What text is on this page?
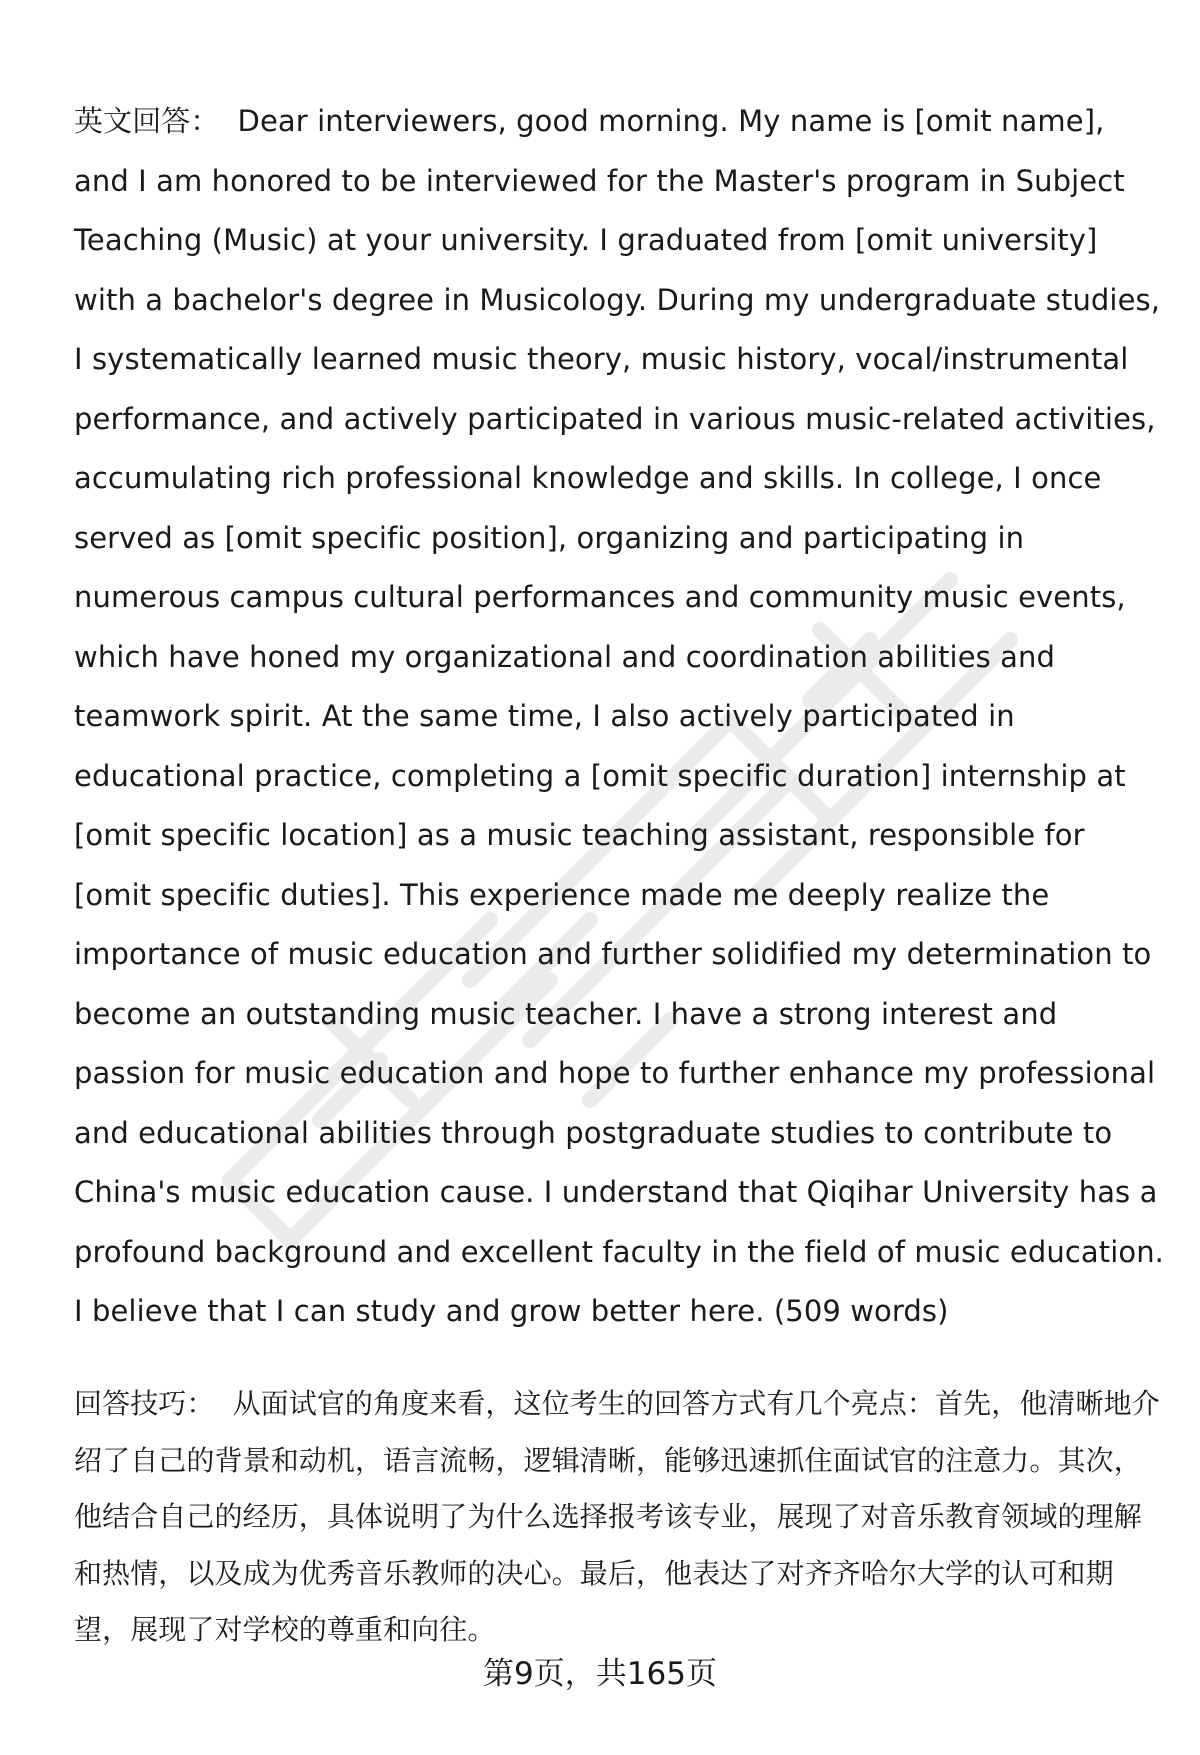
英文回答： Dear interviewers, good morning. My name is [omit name], and I am honored to be interviewed for the Master's program in Subject Teaching (Music) at your university. I graduated from [omit university] with a bachelor's degree in Musicology. During my undergraduate studies, I systematically learned music theory, music history, vocal/instrumental performance, and actively participated in various music-related activities, accumulating rich professional knowledge and skills. In college, I once served as [omit specific position], organizing and participating in numerous campus cultural performances and community music events, which have honed my organizational and coordination abilities and teamwork spirit. At the same time, I also actively participated in educational practice, completing a [omit specific duration] internship at [omit specific location] as a music teaching assistant, responsible for [omit specific duties]. This experience made me deeply realize the importance of music education and further solidified my determination to become an outstanding music teacher. I have a strong interest and passion for music education and hope to further enhance my professional and educational abilities through postgraduate studies to contribute to China's music education cause. I understand that Qiqihar University has a profound background and excellent faculty in the field of music education. I believe that I can study and grow better here. (509 words)

回答技巧： 从面试官的角度来看，这位考生的回答方式有几个亮点：首先，他清晰地介绍了自己的背景和动机，语言流畅，逻辑清晰，能够迅速抓住面试官的注意力。其次，他结合自己的经历，具体说明了为什么选择报考该专业，展现了对音乐教育领域的理解和热情，以及成为优秀音乐教师的决心。最后，他表达了对齐齐哈尔大学的认可和期望，展现了对学校的尊重和向往。

第9页，共165页
